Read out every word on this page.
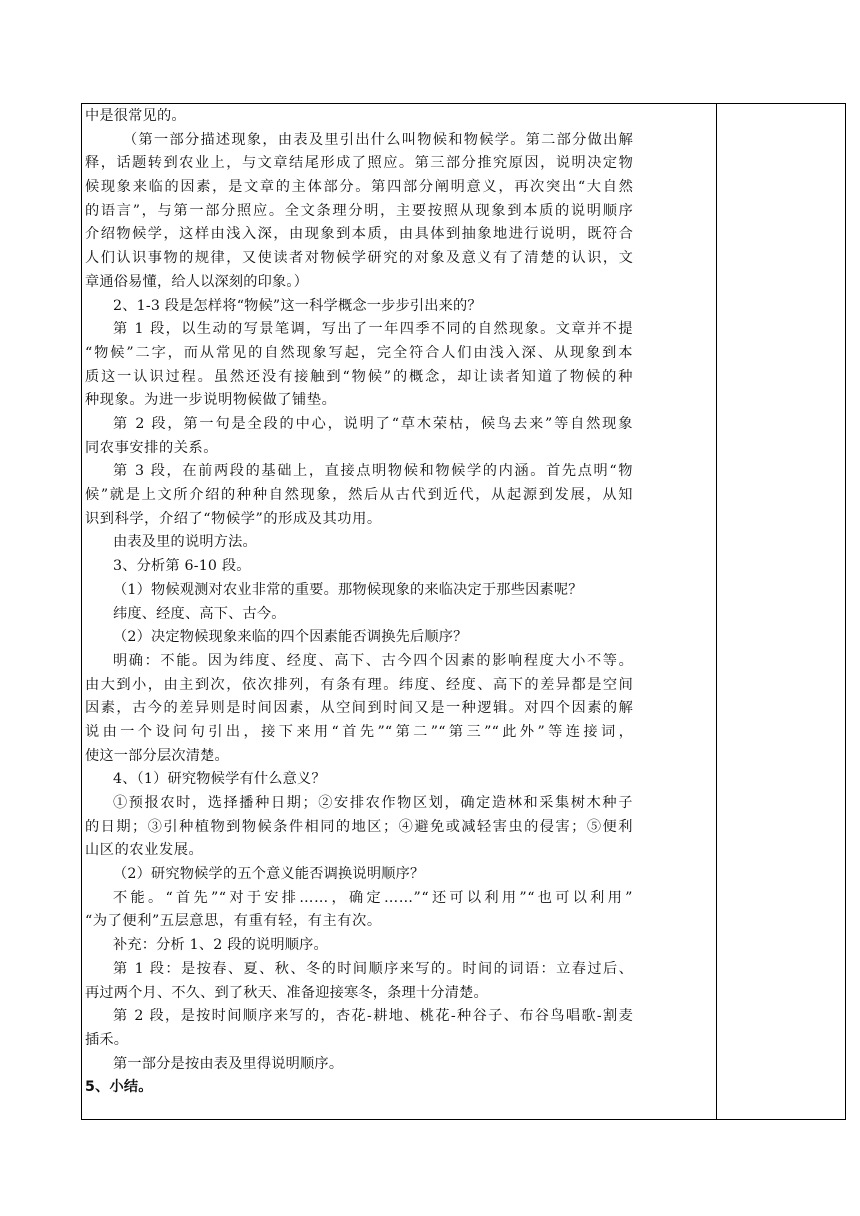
中是很常见的。
（第一部分描述现象，由表及里引出什么叫物候和物候学。第二部分做出解
释，话题转到农业上，与文章结尾形成了照应。第三部分推究原因，说明决定物
候现象来临的因素，是文章的主体部分。第四部分阐明意义，再次突出“大自然
的语言”，与第一部分照应。全文条理分明，主要按照从现象到本质的说明顺序
介绍物候学，这样由浅入深，由现象到本质，由具体到抽象地进行说明，既符合
人们认识事物的规律，又使读者对物候学研究的对象及意义有了清楚的认识，文
章通俗易懂，给人以深刻的印象。）
2、1-3 段是怎样将“物候”这一科学概念一步步引出来的？
第 1 段，以生动的写景笔调，写出了一年四季不同的自然现象。文章并不提
“物候”二字，而从常见的自然现象写起，完全符合人们由浅入深、从现象到本
质这一认识过程。虽然还没有接触到“物候”的概念，却让读者知道了物候的种
种现象。为进一步说明物候做了铺垫。
第 2 段，第一句是全段的中心，说明了“草木荣枯，候鸟去来”等自然现象
同农事安排的关系。
第 3 段，在前两段的基础上，直接点明物候和物候学的内涵。首先点明“物
候”就是上文所介绍的种种自然现象，然后从古代到近代，从起源到发展，从知
识到科学，介绍了“物候学”的形成及其功用。
由表及里的说明方法。
3、分析第 6-10 段。
（1）物候观测对农业非常的重要。那物候现象的来临决定于那些因素呢？
纬度、经度、高下、古今。
（2）决定物候现象来临的四个因素能否调换先后顺序？
明确：不能。因为纬度、经度、高下、古今四个因素的影响程度大小不等。
由大到小，由主到次，依次排列，有条有理。纬度、经度、高下的差异都是空间
因素，古今的差异则是时间因素，从空间到时间又是一种逻辑。对四个因素的解
说由一个设问句引出，接下来用“首先”“第二”“第三”“此外”等连接词，
使这一部分层次清楚。
4、（1）研究物候学有什么意义？
①预报农时，选择播种日期；②安排农作物区划，确定造林和采集树木种子
的日期；③引种植物到物候条件相同的地区；④避免或减轻害虫的侵害；⑤便利
山区的农业发展。
（2）研究物候学的五个意义能否调换说明顺序？
不能。“首先”“对于安排……，确定……”“还可以利用”“也可以利用”
“为了便利”五层意思，有重有轻，有主有次。
补充：分析 1、2 段的说明顺序。
第 1 段：是按春、夏、秋、冬的时间顺序来写的。时间的词语：立春过后、
再过两个月、不久、到了秋天、准备迎接寒冬，条理十分清楚。
第 2 段，是按时间顺序来写的，杏花-耕地、桃花-种谷子、布谷鸟唱歌-割麦
插禾。
第一部分是按由表及里得说明顺序。
5、小结。
